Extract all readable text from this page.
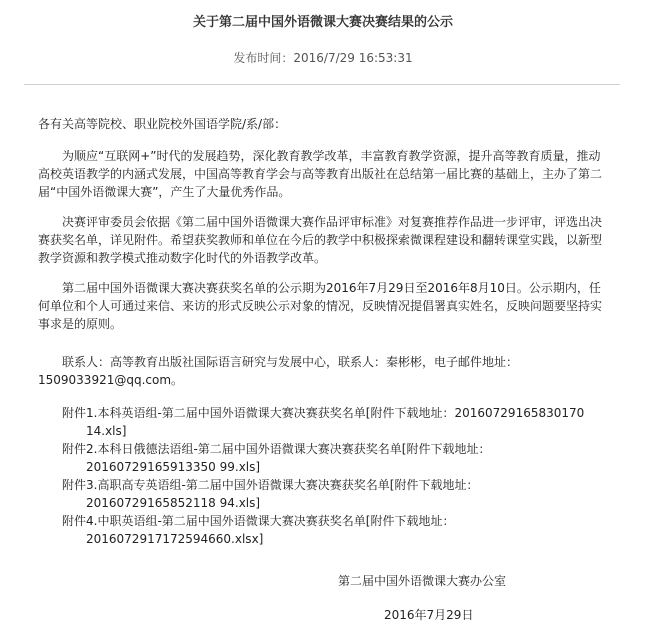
关于第二届中国外语微课大赛决赛结果的公示
发布时间：2016/7/29 16:53:31
各有关高等院校、职业院校外国语学院/系/部：
为顺应“互联网+”时代的发展趋势，深化教育教学改革，丰富教育教学资源，提升高等教育质量，推动高校英语教学的内涵式发展，中国高等教育学会与高等教育出版社在总结第一届比赛的基础上，主办了第二届“中国外语微课大赛”，产生了大量优秀作品。
决赛评审委员会依据《第二届中国外语微课大赛作品评审标准》对复赛推荐作品进一步评审，评选出决赛获奖名单，详见附件。希望获奖教师和单位在今后的教学中积极探索微课程建设和翻转课堂实践，以新型教学资源和教学模式推动数字化时代的外语教学改革。
第二届中国外语微课大赛决赛获奖名单的公示期为2016年7月29日至2016年8月10日。公示期内，任何单位和个人可通过来信、来访的形式反映公示对象的情况，反映情况提倡署真实姓名，反映问题要坚持实事求是的原则。
联系人：高等教育出版社国际语言研究与发展中心，联系人：秦彬彬，电子邮件地址：1509033921@qq.com。
附件1.本科英语组-第二届中国外语微课大赛决赛获奖名单[附件下载地址：20160729165830170 14.xls]
附件2.本科日俄德法语组-第二届中国外语微课大赛决赛获奖名单[附件下载地址：20160729165913350 99.xls]
附件3.高职高专英语组-第二届中国外语微课大赛决赛获奖名单[附件下载地址：20160729165852118 94.xls]
附件4.中职英语组-第二届中国外语微课大赛决赛获奖名单[附件下载地址：2016072917172594660.xlsx]
第二届中国外语微课大赛办公室
2016年7月29日
